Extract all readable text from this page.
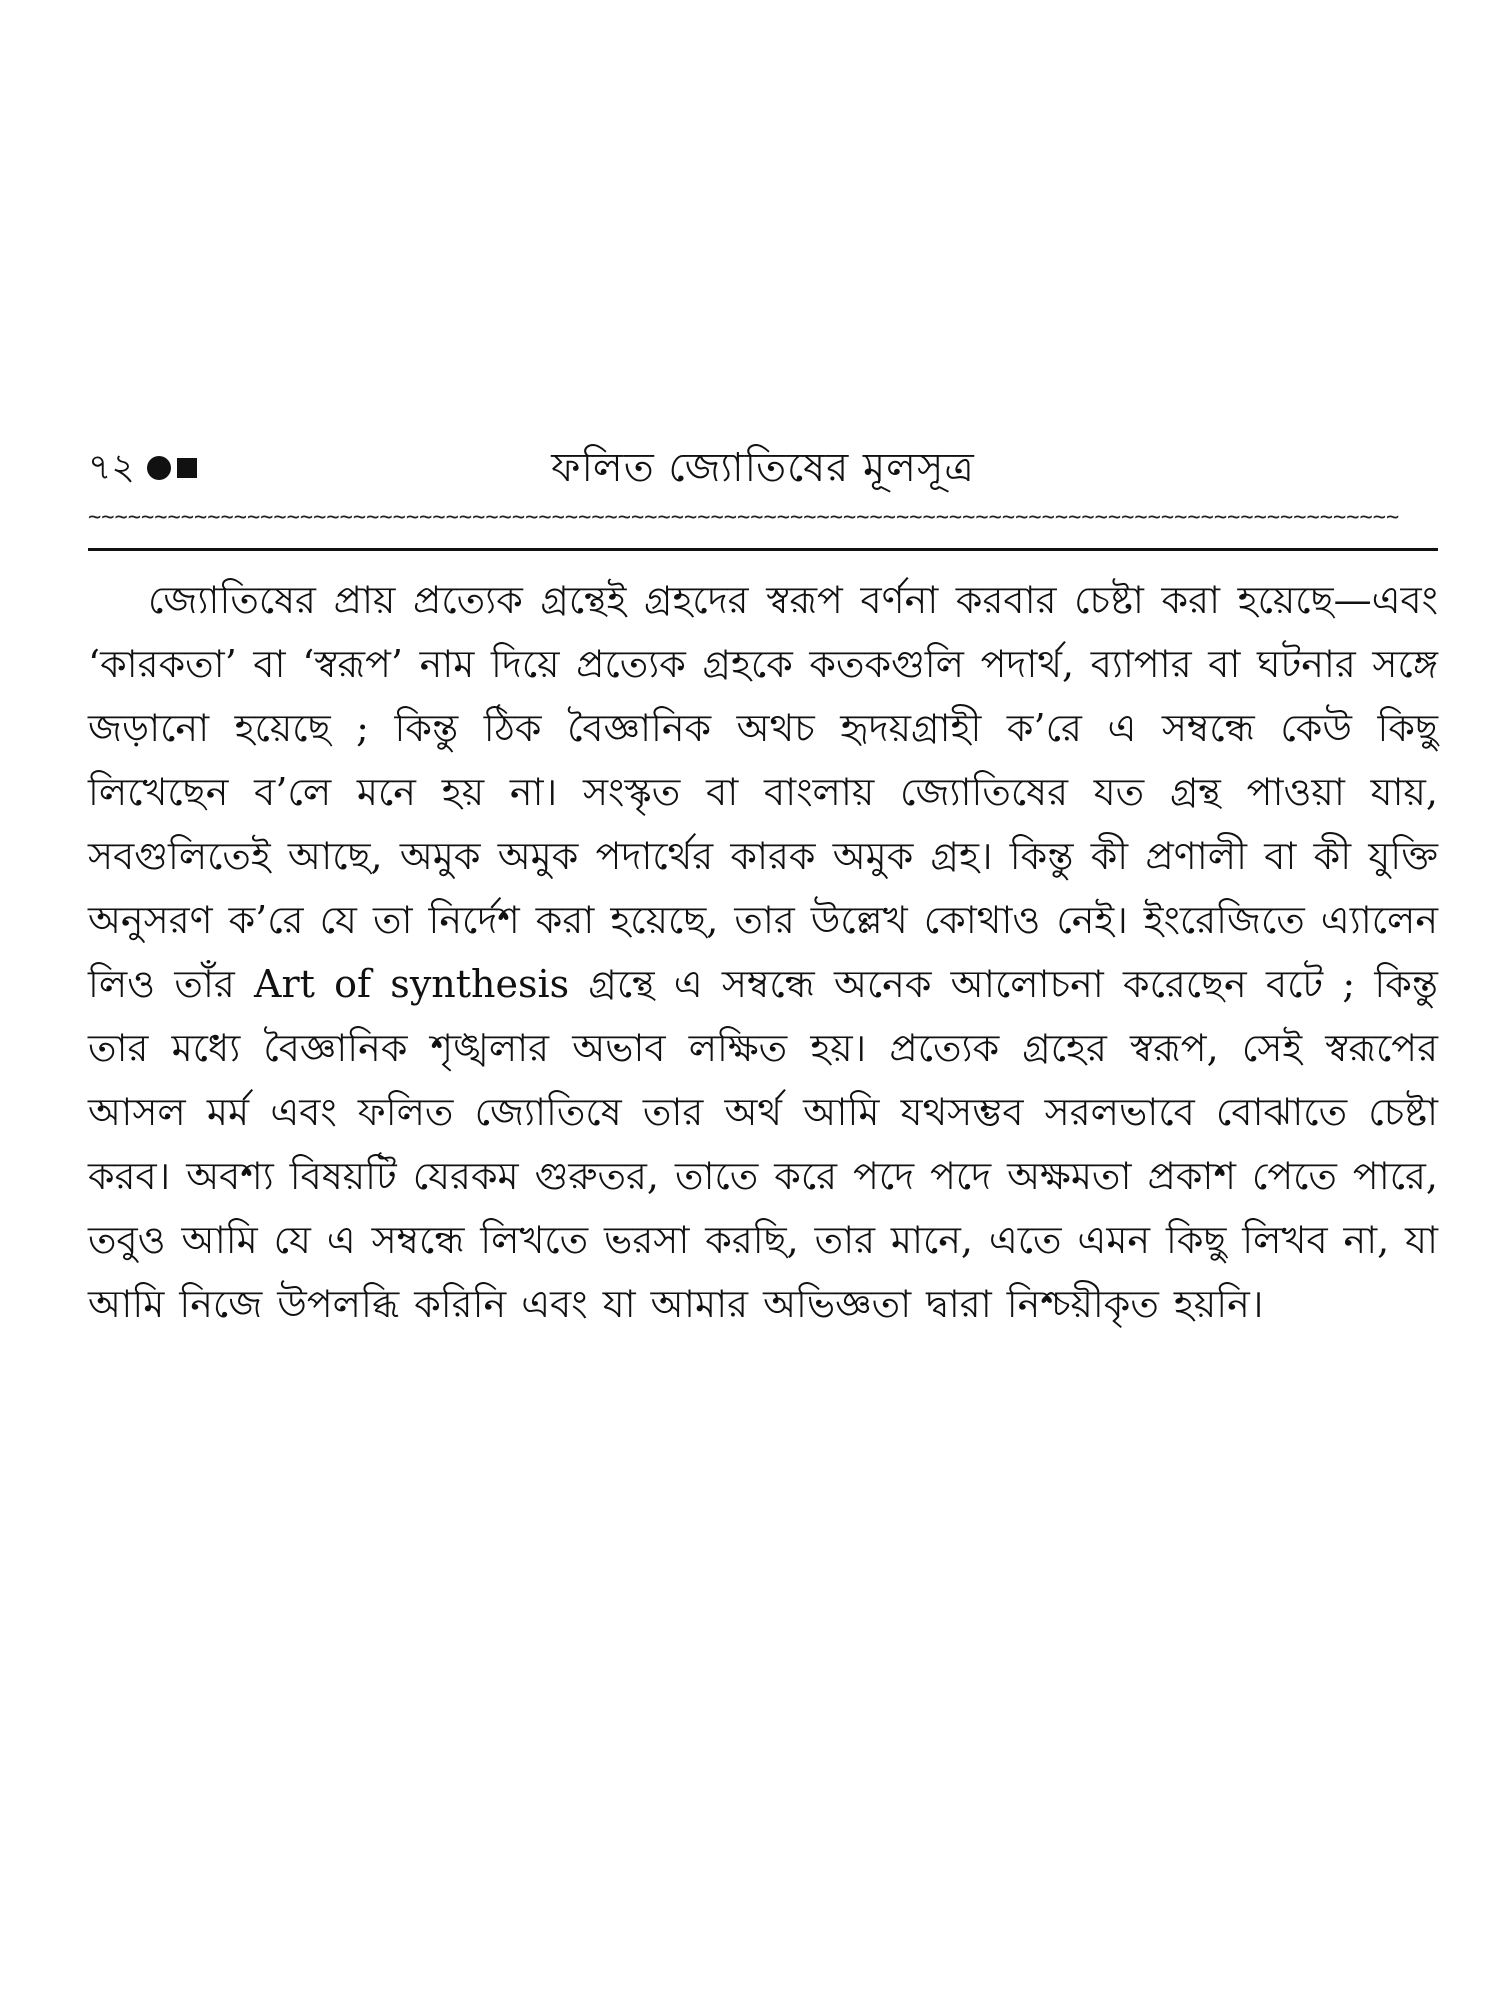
৭২	ফলিত জ্যোতিষের মূলসূত্র
~~~~~~~~~~~~~~~~~~~~~~~~~~~~~~~~~~~~~~~~~~~~~~~~~~~~~~~~~~~~~~~~~~~~~~~~~~~~~~~~~~~~~~~~~~~~~~~~~~~

জ্যোতিষের প্রায় প্রত্যেক গ্রন্থেই গ্রহদের স্বরূপ বর্ণনা করবার চেষ্টা করা হয়েছে—এবং ‘কারকতা’ বা ‘স্বরূপ’ নাম দিয়ে প্রত্যেক গ্রহকে কতকগুলি পদার্থ, ব্যাপার বা ঘটনার সঙ্গে জড়ানো হয়েছে ; কিন্তু ঠিক বৈজ্ঞানিক অথচ হৃদয়গ্রাহী ক’রে এ সম্বন্ধে কেউ কিছু লিখেছেন ব’লে মনে হয় না। সংস্কৃত বা বাংলায় জ্যোতিষের যত গ্রন্থ পাওয়া যায়, সবগুলিতেই আছে, অমুক অমুক পদার্থের কারক অমুক গ্রহ। কিন্তু কী প্রণালী বা কী যুক্তি অনুসরণ ক’রে যে তা নির্দেশ করা হয়েছে, তার উল্লেখ কোথাও নেই। ইংরেজিতে এ্যালেন লিও তাঁর Art of synthesis গ্রন্থে এ সম্বন্ধে অনেক আলোচনা করেছেন বটে ; কিন্তু তার মধ্যে বৈজ্ঞানিক শৃঙ্খলার অভাব লক্ষিত হয়। প্রত্যেক গ্রহের স্বরূপ, সেই স্বরূপের আসল মর্ম এবং ফলিত জ্যোতিষে তার অর্থ আমি যথসম্ভব সরলভাবে বোঝাতে চেষ্টা করব। অবশ্য বিষয়টি যেরকম গুরুতর, তাতে করে পদে পদে অক্ষমতা প্রকাশ পেতে পারে, তবুও আমি যে এ সম্বন্ধে লিখতে ভরসা করছি, তার মানে, এতে এমন কিছু লিখব না, যা আমি নিজে উপলব্ধি করিনি এবং যা আমার অভিজ্ঞতা দ্বারা নিশ্চয়ীকৃত হয়নি।
